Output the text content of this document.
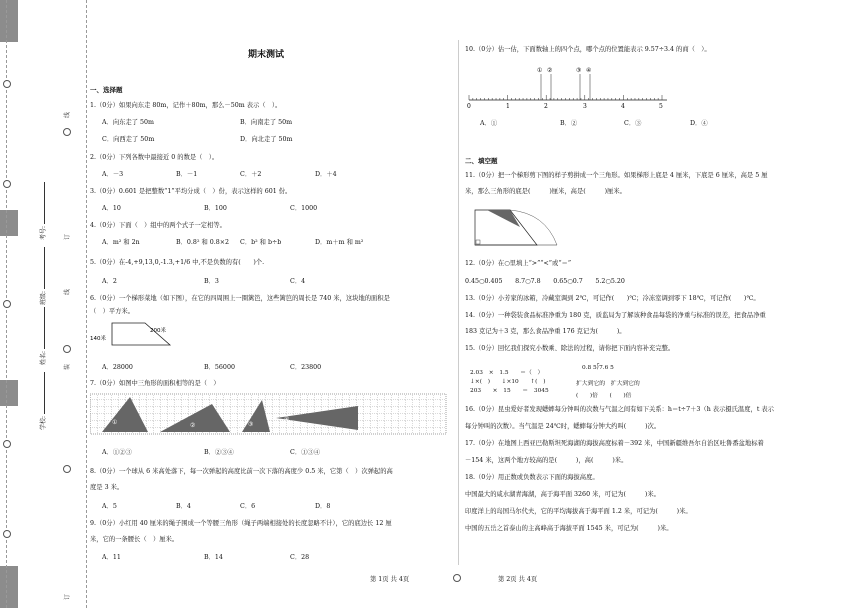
线
订
线
装
订
学校:
姓名:
班级:
考号:
期末测试
一、选择题
1.（0分）如果向东走 80m，记作＋80m，那么－50m 表示（　）。
A．向东走了 50m	B．向南走了 50m
C．向西走了 50m	D．向北走了 50m
2.（0分）下列各数中最接近 0 的数是（　）。
A．－3	B．－1	C．＋2	D．＋4
3.（0分）0.601 是把整数“1”平均分成（　）份，表示这样的 601 份。
A．10	B．100	C．1000
4.（0分）下面（　）组中的两个式子一定相等。
A．m² 和 2n	B．0.8² 和 0.8×2 C．b² 和 b÷b	D．m＋m 和 m²
5.（0分）在-4,+9,13,0,-1.3,+1/6 中,不是负数的有(　　)个.
A．2	B．3	C．4
6.（0分）一个梯形菜地（如下图），在它的四周围上一圈篱笆，这些篱笆的周长是 740 米，这块地的面积是
（　）平方米。
140米
200米
A．28000	B．56000	C．23800
7.（0分）如图中三角形的面积相等的是（　）
①	②	③
④
A．①②③	B．②③④	C．①③④
8.（0分）一个球从 6 米高处落下，每一次弹起的高度比前一次下落的高度少 0.5 米，它第（　）次弹起的高
度是 3 米。
A．5	B．4	C．6	D．8
9.（0分）小红用 40 厘米的绳子围成一个等腰三角形（绳子两端相接处的长度忽略不计），它的底边长 12 厘
米，它的一条腰长（　）厘米。
A．11	B．14	C．28
10.（0分）估一估，下面数轴上的四个点，哪个点的位置能表示 9.57÷3.4 的商（　）。
① ②	③ ④
0	1	2	3	4	5
A．①	B．②	C．③	D．④
二、填空题
11.（0分）把一个梯形剪下图的样子剪拼成一个三角形。如果梯形上底是 4 厘米，下底是 6 厘米，高是 5 厘
米，那么三角形的底是(　　　)厘米，高是(　　　)厘米。
12.（0分）在○里填上“>”“<”或“＝”
0.45○0.405　　8.7○7.8　　0.65○0.7　　5.2○5.20
13.（0分）小芳家的冰箱，冷藏室调到 2℃，可记作(　　)℃；冷冻室调到零下 18℃，可记作(　　)℃。
14.（0分）一种袋装食品标准净重为 180 克，质监局为了解该种食品每袋的净重与标准的误差，把食品净重
183 克记为＋3 克，那么食品净重 176 克记为(　　　)。
15.（0分）回忆我们探究小数乘、除法的过程，请你把下面内容补充完整。
2.03　×　1.5　　＝（　）
↓×(　)　　↓×10　　↑(　)
203　　×　15　　＝　3045
0.8 5⟌7.6 5
扩大到它的　扩大到它的
(　　)倍　　(　　)倍
16.（0分）昆虫爱好者发现蟋蟀每分钟叫的次数与气温之间有如下关系：h＝t÷7＋3（h 表示摄氏温度，t 表示
每分钟叫的次数）。当气温是 24℃时，蟋蟀每分钟大约叫(　　　)次。
17.（0分）在地图上西亚巴勒斯坦死海湖的海拔高度标着－392 米，中国新疆维吾尔自治区吐鲁番盆地标着
－154 米，这两个地方较高的是(　　　)，高(　　　)米。
18.（0分）用正数或负数表示下面的海拔高度。
中国最大的咸水湖青海湖，高于海平面 3260 米，可记为(　　　)米。
印度洋上的岛国马尔代夫，它的平均海拔高于海平面 1.2 米，可记为(　　　)米。
中国的五岳之首泰山的主高峰高于海拔平面 1545 米，可记为(　　　)米。
第 1页 共 4页	第 2页 共 4页
